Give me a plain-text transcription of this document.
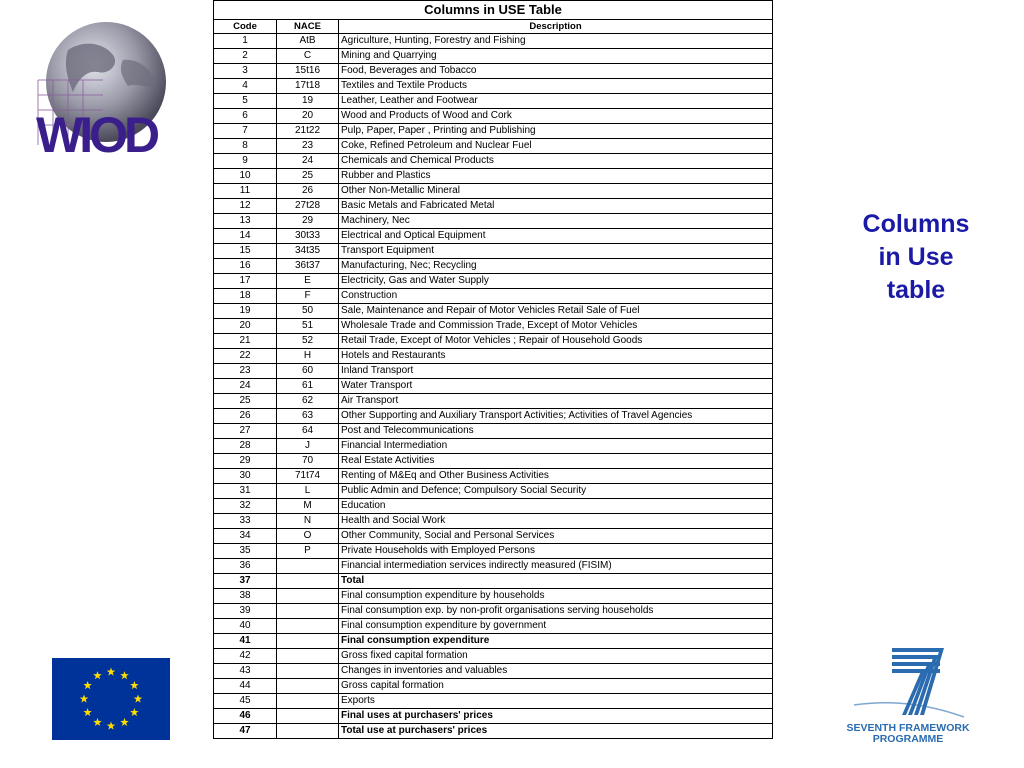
WIOD
Columns in USE Table		
Code	NACE	Description
1	AtB	Agriculture, Hunting, Forestry and Fishing
2	C	Mining and Quarrying
3	15t16	Food, Beverages and Tobacco
4	17t18	Textiles and Textile Products
5	19	Leather, Leather and Footwear
6	20	Wood and Products of Wood and Cork
7	21t22	Pulp, Paper, Paper , Printing and Publishing
8	23	Coke, Refined Petroleum and Nuclear Fuel
9	24	Chemicals and Chemical Products
10	25	Rubber and Plastics
11	26	Other Non-Metallic Mineral
12	27t28	Basic Metals and Fabricated Metal
13	29	Machinery, Nec
14	30t33	Electrical and Optical Equipment
15	34t35	Transport Equipment
16	36t37	Manufacturing, Nec; Recycling
17	E	Electricity, Gas and Water Supply
18	F	Construction
19	50	Sale, Maintenance and Repair of Motor Vehicles Retail Sale of Fuel
20	51	Wholesale Trade and Commission Trade, Except of Motor Vehicles
21	52	Retail Trade, Except of Motor Vehicles ; Repair of Household Goods
22	H	Hotels and Restaurants
23	60	Inland Transport
24	61	Water Transport
25	62	Air Transport
26	63	Other Supporting and Auxiliary Transport Activities; Activities of Travel Agencies
27	64	Post and Telecommunications
28	J	Financial Intermediation
29	70	Real Estate Activities
30	71t74	Renting of M&Eq and Other Business Activities
31	L	Public Admin and Defence; Compulsory Social Security
32	M	Education
33	N	Health and Social Work
34	O	Other Community, Social and Personal Services
35	P	Private Households with Employed Persons
36		Financial intermediation services indirectly measured (FISIM)
37		Total
38		Final consumption expenditure by households
39		Final consumption exp. by non-profit organisations serving households
40		Final consumption expenditure by government
41		Final consumption expenditure
42		Gross fixed capital formation
43		Changes in inventories and valuables
44		Gross capital formation
45		Exports
46		Final uses at purchasers' prices
47		Total use at purchasers' prices
Columns
in Use
table
SEVENTH FRAMEWORK
PROGRAMME
